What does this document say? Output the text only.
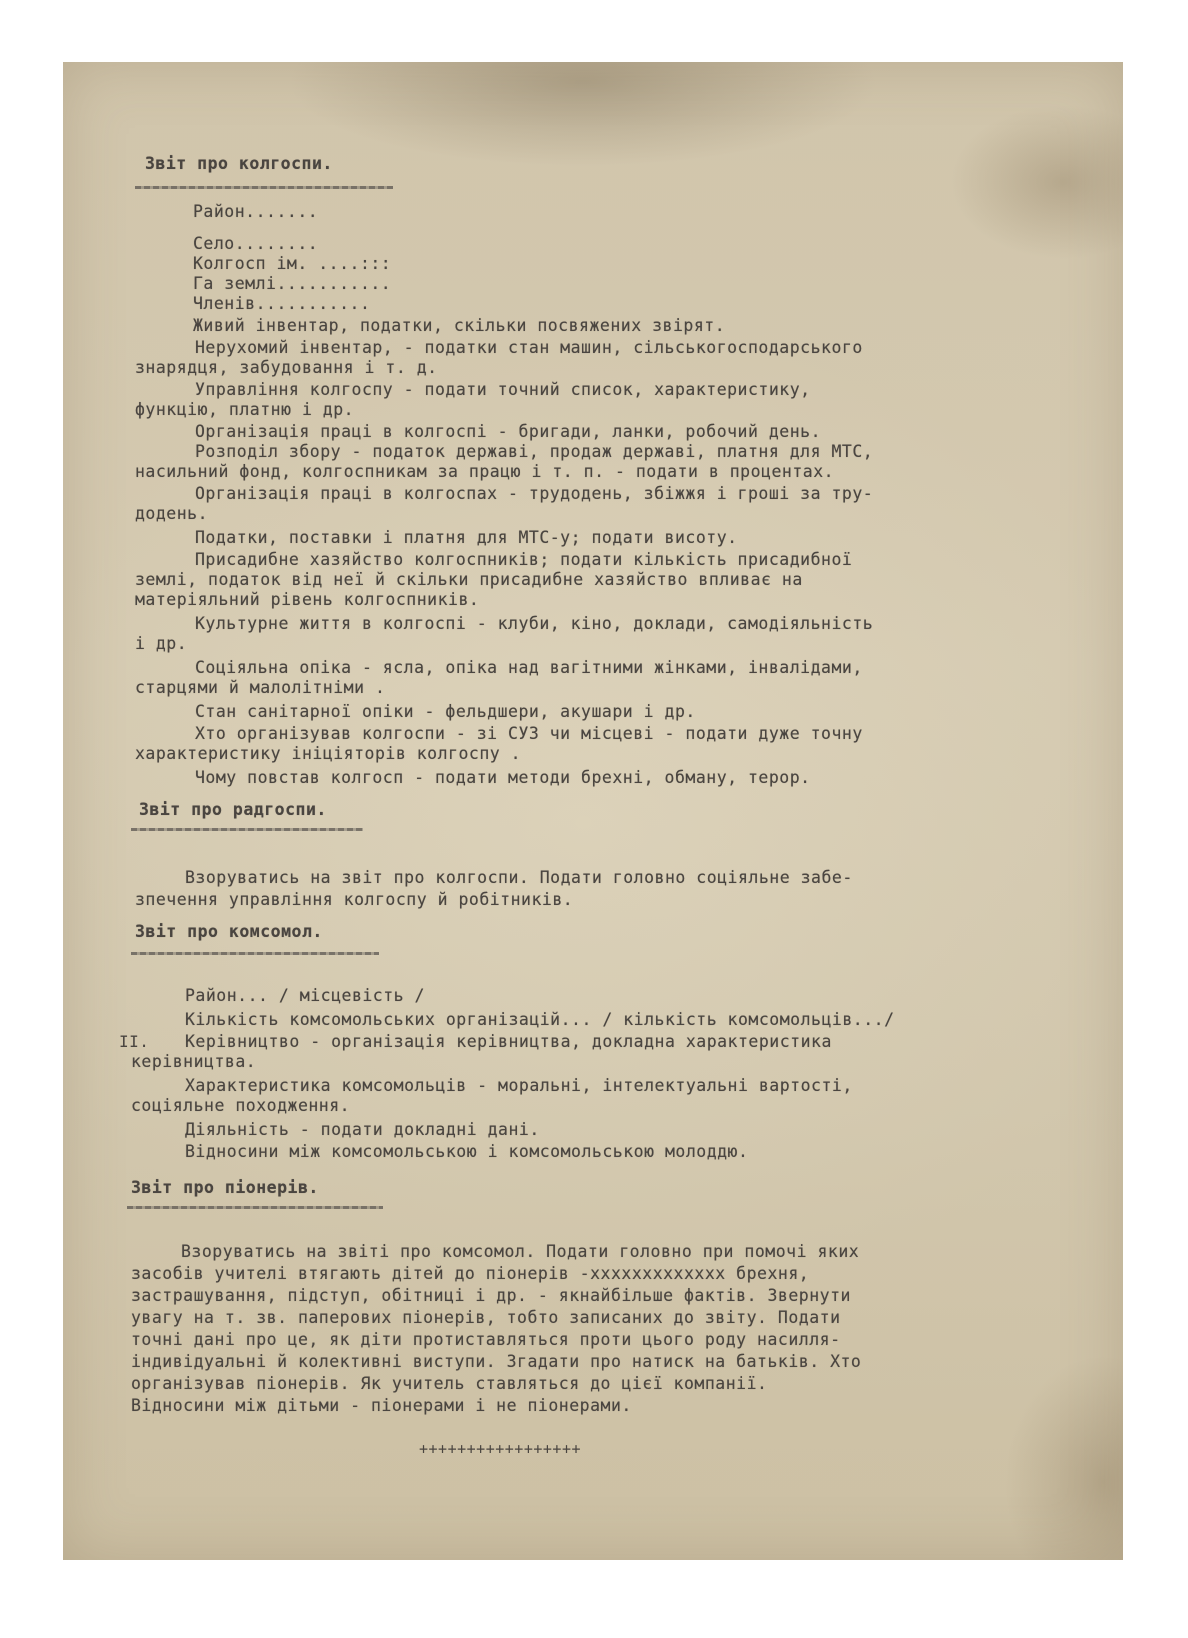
Звіт про колгоспи.
Район.......
Село........
Колгосп ім. ....:::
Га землі...........
Членів...........
Живий інвентар, податки, скільки посвяжених звірят.
Нерухомий інвентар, - податки стан машин, сільськогосподарського
знарядця, забудовання і т. д.
Управління колгоспу - подати точний список, характеристику,
функцію, платню і др.
Організація праці в колгоспі - бригади, ланки, робочий день.
Розподіл збору - податок державі, продаж державі, платня для МТС,
насильний фонд, колгоспникам за працю і т. п. - подати в процентах.
Організація праці в колгоспах - трудодень, збіжжя і гроші за тру-
додень.
Податки, поставки і платня для МТС-у; подати висоту.
Присадибне хазяйство колгоспників; подати кількість присадибної
землі, податок від неї й скільки присадибне хазяйство впливає на
матеріяльний рівень колгоспників.
Культурне життя в колгоспі - клуби, кіно, доклади, самодіяльність
і др.
Соціяльна опіка - ясла, опіка над вагітними жінками, інвалідами,
старцями й малолітніми .
Стан санітарної опіки - фельдшери, акушари і др.
Хто організував колгоспи - зі СУЗ чи місцеві - подати дуже точну
характеристику ініціяторів колгоспу .
Чому повстав колгосп - подати методи брехні, обману, терор.
Звіт про радгоспи.
Взоруватись на звіт про колгоспи. Подати головно соціяльне забе-
зпечення управління колгоспу й робітників.
Звіт про комсомол.
Район... / місцевість /
Кількість комсомольських організацій... / кількість комсомольців.../
II. Керівництво - організація керівництва, докладна характеристика
керівництва.
Характеристика комсомольців - моральні, інтелектуальні вартості,
соціяльне походження.
Діяльність - подати докладні дані.
Відносини між комсомольською і комсомольською молоддю.
Звіт про піонерів.
Взоруватись на звіті про комсомол. Подати головно при помочі яких
засобів учителі втягають дітей до піонерів -ххххххххххххх брехня,
застрашування, підступ, обітниці і др. - якнайбільше фактів. Звернути
увагу на т. зв. паперових піонерів, тобто записаних до звіту. Подати
точні дані про це, як діти протиставляться проти цього роду насилля-
індивідуальні й колективні виступи. Згадати про натиск на батьків. Хто
організував піонерів. Як учитель ставляться до цієї компанії.
Відносини між дітьми - піонерами і не піонерами.
+++++++++++++++++
